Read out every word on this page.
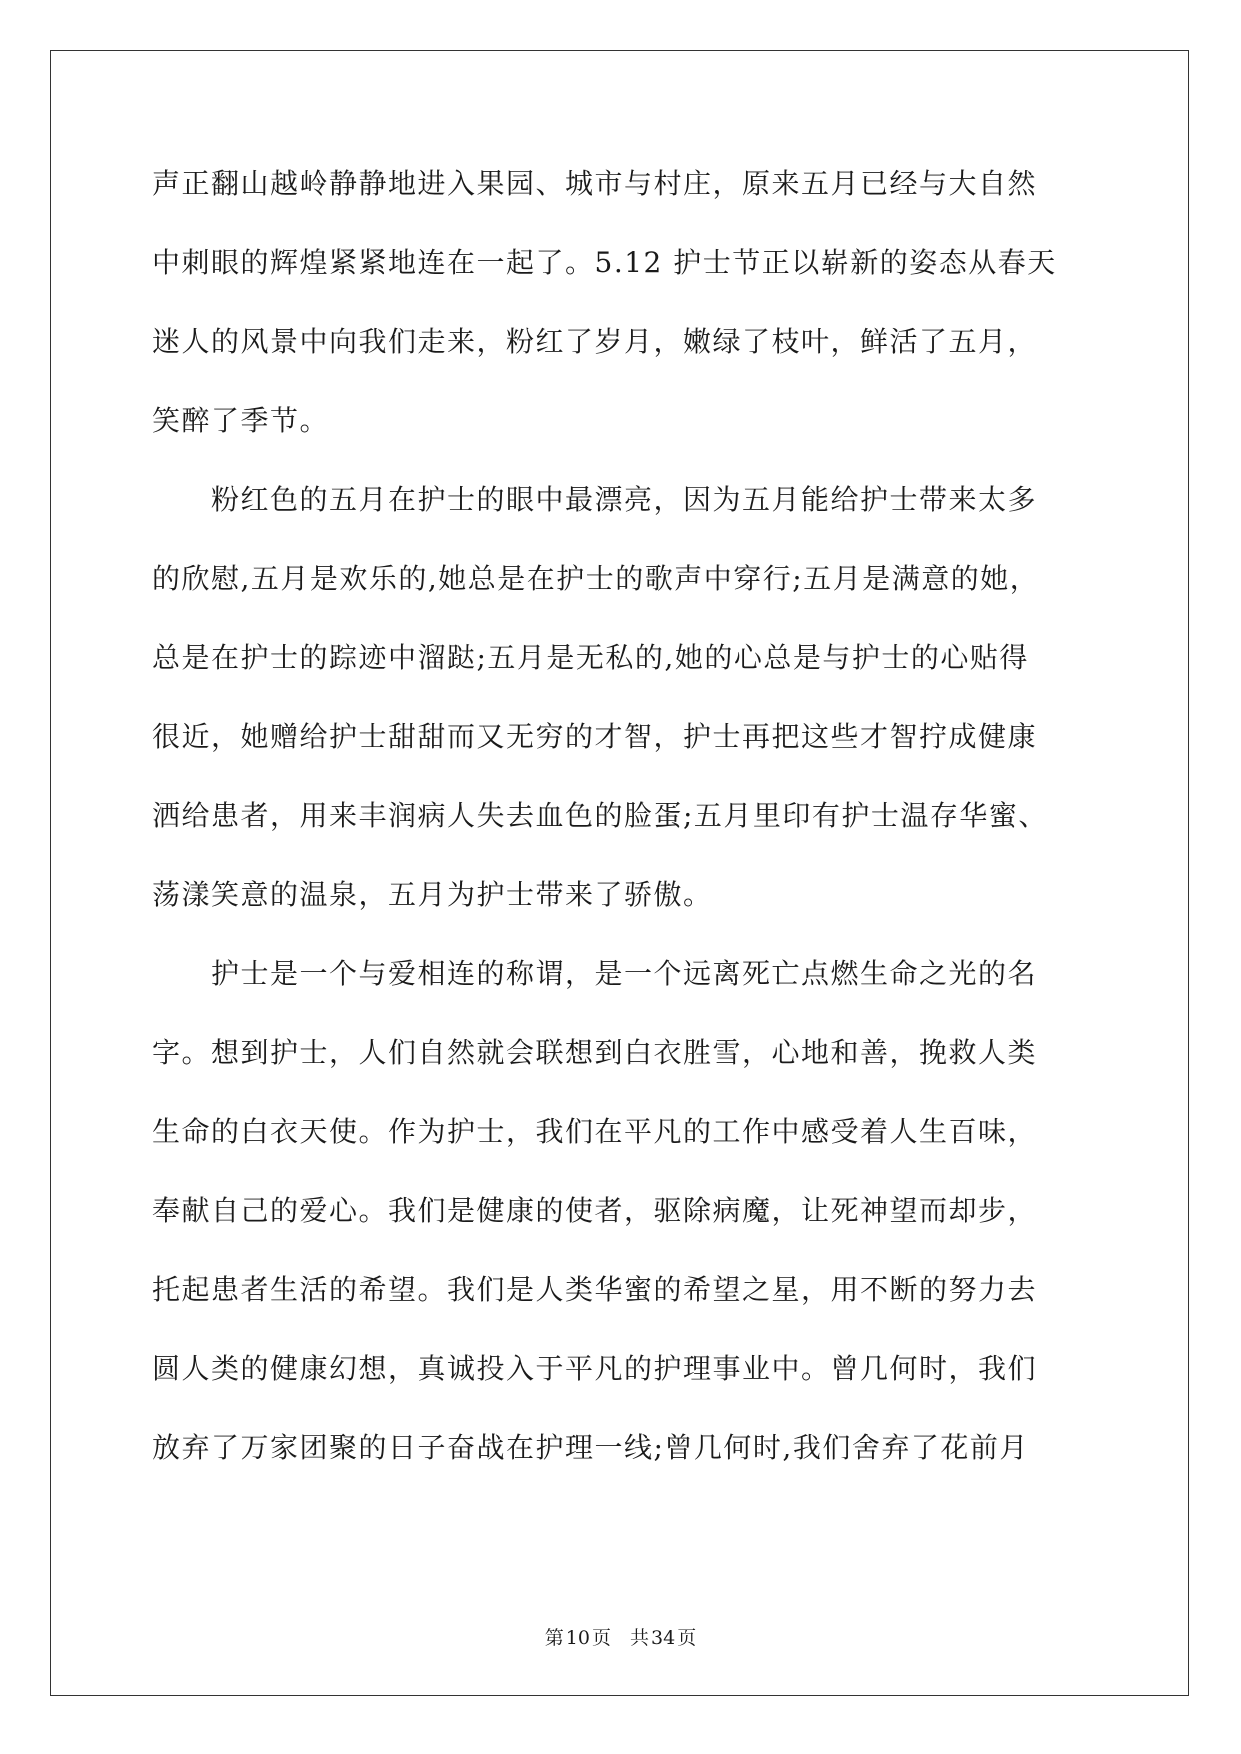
声正翻山越岭静静地进入果园、城市与村庄，原来五月已经与大自然
中刺眼的辉煌紧紧地连在一起了。5.12 护士节正以崭新的姿态从春天
迷人的风景中向我们走来，粉红了岁月，嫩绿了枝叶，鲜活了五月，
笑醉了季节。
　　粉红色的五月在护士的眼中最漂亮，因为五月能给护士带来太多
的欣慰,五月是欢乐的,她总是在护士的歌声中穿行;五月是满意的她，
总是在护士的踪迹中溜跶;五月是无私的,她的心总是与护士的心贴得
很近，她赠给护士甜甜而又无穷的才智，护士再把这些才智拧成健康
洒给患者，用来丰润病人失去血色的脸蛋;五月里印有护士温存华蜜、
荡漾笑意的温泉，五月为护士带来了骄傲。
　　护士是一个与爱相连的称谓，是一个远离死亡点燃生命之光的名
字。想到护士，人们自然就会联想到白衣胜雪，心地和善，挽救人类
生命的白衣天使。作为护士，我们在平凡的工作中感受着人生百味，
奉献自己的爱心。我们是健康的使者，驱除病魔，让死神望而却步，
托起患者生活的希望。我们是人类华蜜的希望之星，用不断的努力去
圆人类的健康幻想，真诚投入于平凡的护理事业中。曾几何时，我们
放弃了万家团聚的日子奋战在护理一线;曾几何时,我们舍弃了花前月
第 10 页　共 34 页
